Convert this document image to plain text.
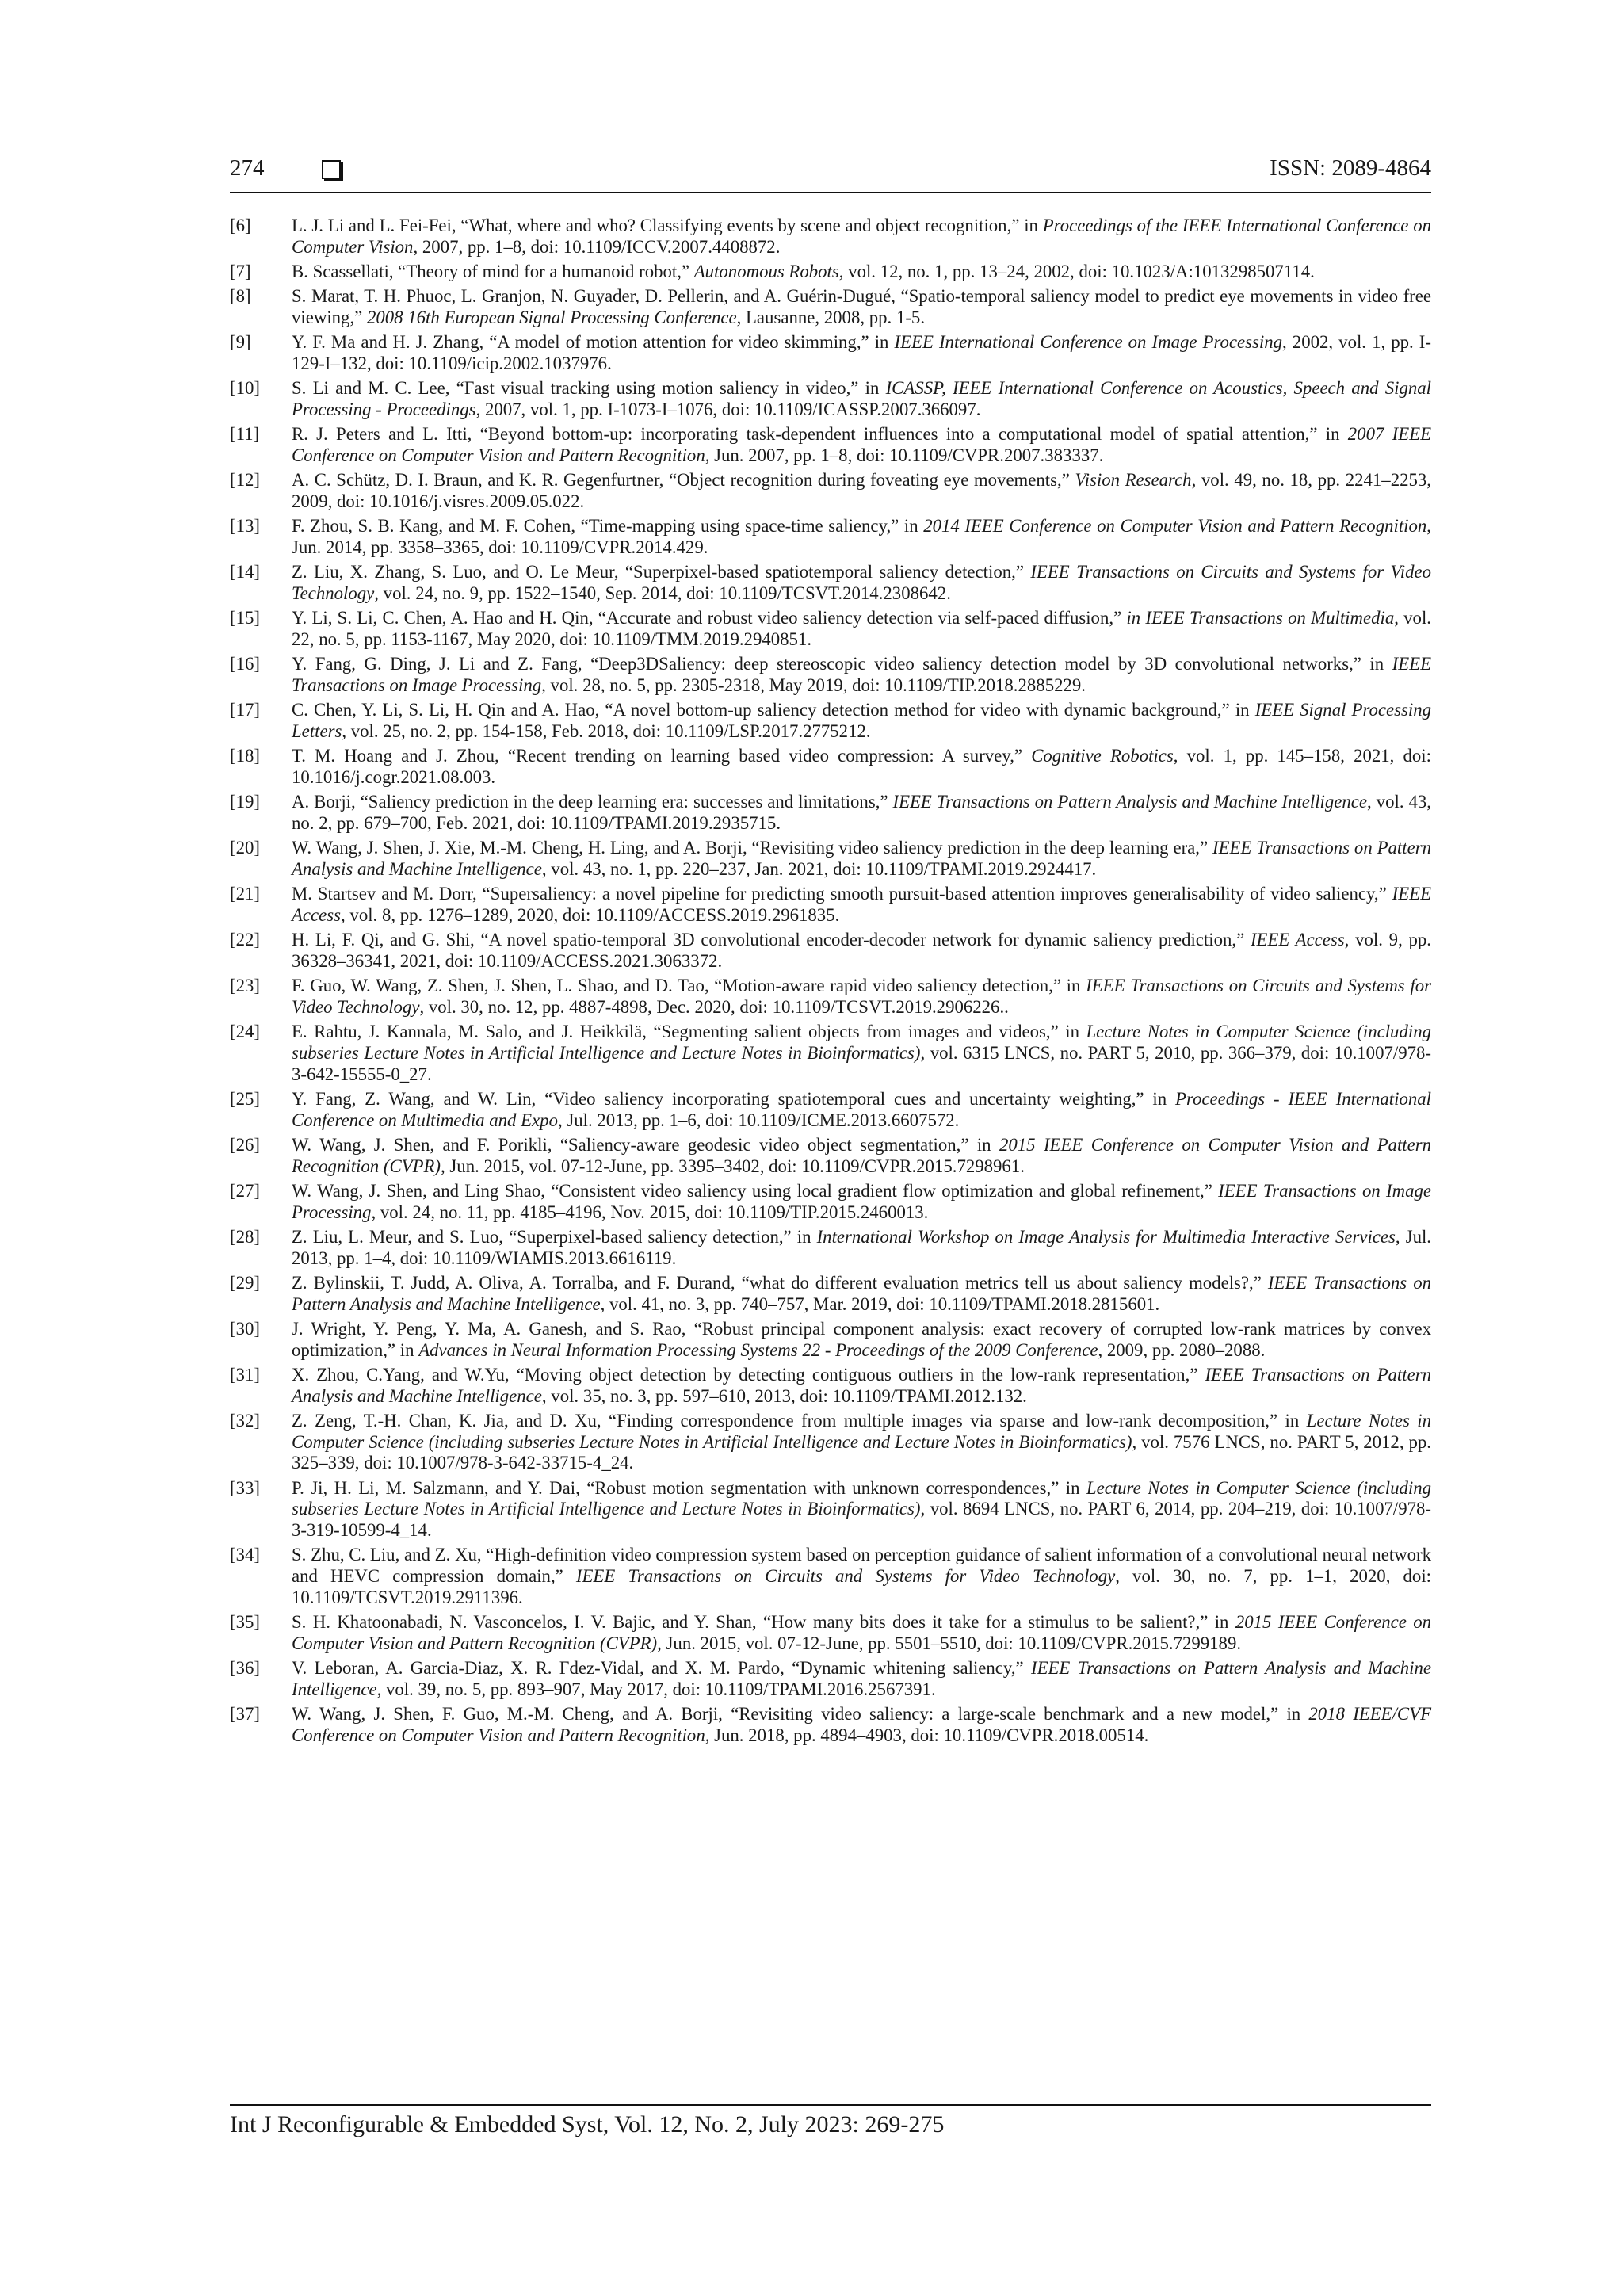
274	ISSN: 2089-4864
[6] L. J. Li and L. Fei-Fei, “What, where and who? Classifying events by scene and object recognition,” in Proceedings of the IEEE International Conference on Computer Vision, 2007, pp. 1–8, doi: 10.1109/ICCV.2007.4408872.
[7] B. Scassellati, “Theory of mind for a humanoid robot,” Autonomous Robots, vol. 12, no. 1, pp. 13–24, 2002, doi: 10.1023/A:1013298507114.
[8] S. Marat, T. H. Phuoc, L. Granjon, N. Guyader, D. Pellerin, and A. Guérin-Dugué, “Spatio-temporal saliency model to predict eye movements in video free viewing,” 2008 16th European Signal Processing Conference, Lausanne, 2008, pp. 1-5.
[9] Y. F. Ma and H. J. Zhang, “A model of motion attention for video skimming,” in IEEE International Conference on Image Processing, 2002, vol. 1, pp. I-129-I–132, doi: 10.1109/icip.2002.1037976.
[10] S. Li and M. C. Lee, “Fast visual tracking using motion saliency in video,” in ICASSP, IEEE International Conference on Acoustics, Speech and Signal Processing - Proceedings, 2007, vol. 1, pp. I-1073-I–1076, doi: 10.1109/ICASSP.2007.366097.
[11] R. J. Peters and L. Itti, “Beyond bottom-up: incorporating task-dependent influences into a computational model of spatial attention,” in 2007 IEEE Conference on Computer Vision and Pattern Recognition, Jun. 2007, pp. 1–8, doi: 10.1109/CVPR.2007.383337.
[12] A. C. Schütz, D. I. Braun, and K. R. Gegenfurtner, “Object recognition during foveating eye movements,” Vision Research, vol. 49, no. 18, pp. 2241–2253, 2009, doi: 10.1016/j.visres.2009.05.022.
[13] F. Zhou, S. B. Kang, and M. F. Cohen, “Time-mapping using space-time saliency,” in 2014 IEEE Conference on Computer Vision and Pattern Recognition, Jun. 2014, pp. 3358–3365, doi: 10.1109/CVPR.2014.429.
[14] Z. Liu, X. Zhang, S. Luo, and O. Le Meur, “Superpixel-based spatiotemporal saliency detection,” IEEE Transactions on Circuits and Systems for Video Technology, vol. 24, no. 9, pp. 1522–1540, Sep. 2014, doi: 10.1109/TCSVT.2014.2308642.
[15] Y. Li, S. Li, C. Chen, A. Hao and H. Qin, “Accurate and robust video saliency detection via self-paced diffusion,” in IEEE Transactions on Multimedia, vol. 22, no. 5, pp. 1153-1167, May 2020, doi: 10.1109/TMM.2019.2940851.
[16] Y. Fang, G. Ding, J. Li and Z. Fang, “Deep3DSaliency: deep stereoscopic video saliency detection model by 3D convolutional networks,” in IEEE Transactions on Image Processing, vol. 28, no. 5, pp. 2305-2318, May 2019, doi: 10.1109/TIP.2018.2885229.
[17] C. Chen, Y. Li, S. Li, H. Qin and A. Hao, “A novel bottom-up saliency detection method for video with dynamic background,” in IEEE Signal Processing Letters, vol. 25, no. 2, pp. 154-158, Feb. 2018, doi: 10.1109/LSP.2017.2775212.
[18] T. M. Hoang and J. Zhou, “Recent trending on learning based video compression: A survey,” Cognitive Robotics, vol. 1, pp. 145–158, 2021, doi: 10.1016/j.cogr.2021.08.003.
[19] A. Borji, “Saliency prediction in the deep learning era: successes and limitations,” IEEE Transactions on Pattern Analysis and Machine Intelligence, vol. 43, no. 2, pp. 679–700, Feb. 2021, doi: 10.1109/TPAMI.2019.2935715.
[20] W. Wang, J. Shen, J. Xie, M.-M. Cheng, H. Ling, and A. Borji, “Revisiting video saliency prediction in the deep learning era,” IEEE Transactions on Pattern Analysis and Machine Intelligence, vol. 43, no. 1, pp. 220–237, Jan. 2021, doi: 10.1109/TPAMI.2019.2924417.
[21] M. Startsev and M. Dorr, “Supersaliency: a novel pipeline for predicting smooth pursuit-based attention improves generalisability of video saliency,” IEEE Access, vol. 8, pp. 1276–1289, 2020, doi: 10.1109/ACCESS.2019.2961835.
[22] H. Li, F. Qi, and G. Shi, “A novel spatio-temporal 3D convolutional encoder-decoder network for dynamic saliency prediction,” IEEE Access, vol. 9, pp. 36328–36341, 2021, doi: 10.1109/ACCESS.2021.3063372.
[23] F. Guo, W. Wang, Z. Shen, J. Shen, L. Shao, and D. Tao, “Motion-aware rapid video saliency detection,” in IEEE Transactions on Circuits and Systems for Video Technology, vol. 30, no. 12, pp. 4887-4898, Dec. 2020, doi: 10.1109/TCSVT.2019.2906226..
[24] E. Rahtu, J. Kannala, M. Salo, and J. Heikkilä, “Segmenting salient objects from images and videos,” in Lecture Notes in Computer Science (including subseries Lecture Notes in Artificial Intelligence and Lecture Notes in Bioinformatics), vol. 6315 LNCS, no. PART 5, 2010, pp. 366–379, doi: 10.1007/978-3-642-15555-0_27.
[25] Y. Fang, Z. Wang, and W. Lin, “Video saliency incorporating spatiotemporal cues and uncertainty weighting,” in Proceedings - IEEE International Conference on Multimedia and Expo, Jul. 2013, pp. 1–6, doi: 10.1109/ICME.2013.6607572.
[26] W. Wang, J. Shen, and F. Porikli, “Saliency-aware geodesic video object segmentation,” in 2015 IEEE Conference on Computer Vision and Pattern Recognition (CVPR), Jun. 2015, vol. 07-12-June, pp. 3395–3402, doi: 10.1109/CVPR.2015.7298961.
[27] W. Wang, J. Shen, and Ling Shao, “Consistent video saliency using local gradient flow optimization and global refinement,” IEEE Transactions on Image Processing, vol. 24, no. 11, pp. 4185–4196, Nov. 2015, doi: 10.1109/TIP.2015.2460013.
[28] Z. Liu, L. Meur, and S. Luo, “Superpixel-based saliency detection,” in International Workshop on Image Analysis for Multimedia Interactive Services, Jul. 2013, pp. 1–4, doi: 10.1109/WIAMIS.2013.6616119.
[29] Z. Bylinskii, T. Judd, A. Oliva, A. Torralba, and F. Durand, “what do different evaluation metrics tell us about saliency models?,” IEEE Transactions on Pattern Analysis and Machine Intelligence, vol. 41, no. 3, pp. 740–757, Mar. 2019, doi: 10.1109/TPAMI.2018.2815601.
[30] J. Wright, Y. Peng, Y. Ma, A. Ganesh, and S. Rao, “Robust principal component analysis: exact recovery of corrupted low-rank matrices by convex optimization,” in Advances in Neural Information Processing Systems 22 - Proceedings of the 2009 Conference, 2009, pp. 2080–2088.
[31] X. Zhou, C.Yang, and W.Yu, “Moving object detection by detecting contiguous outliers in the low-rank representation,” IEEE Transactions on Pattern Analysis and Machine Intelligence, vol. 35, no. 3, pp. 597–610, 2013, doi: 10.1109/TPAMI.2012.132.
[32] Z. Zeng, T.-H. Chan, K. Jia, and D. Xu, “Finding correspondence from multiple images via sparse and low-rank decomposition,” in Lecture Notes in Computer Science (including subseries Lecture Notes in Artificial Intelligence and Lecture Notes in Bioinformatics), vol. 7576 LNCS, no. PART 5, 2012, pp. 325–339, doi: 10.1007/978-3-642-33715-4_24.
[33] P. Ji, H. Li, M. Salzmann, and Y. Dai, “Robust motion segmentation with unknown correspondences,” in Lecture Notes in Computer Science (including subseries Lecture Notes in Artificial Intelligence and Lecture Notes in Bioinformatics), vol. 8694 LNCS, no. PART 6, 2014, pp. 204–219, doi: 10.1007/978-3-319-10599-4_14.
[34] S. Zhu, C. Liu, and Z. Xu, “High-definition video compression system based on perception guidance of salient information of a convolutional neural network and HEVC compression domain,” IEEE Transactions on Circuits and Systems for Video Technology, vol. 30, no. 7, pp. 1–1, 2020, doi: 10.1109/TCSVT.2019.2911396.
[35] S. H. Khatoonabadi, N. Vasconcelos, I. V. Bajic, and Y. Shan, “How many bits does it take for a stimulus to be salient?,” in 2015 IEEE Conference on Computer Vision and Pattern Recognition (CVPR), Jun. 2015, vol. 07-12-June, pp. 5501–5510, doi: 10.1109/CVPR.2015.7299189.
[36] V. Leboran, A. Garcia-Diaz, X. R. Fdez-Vidal, and X. M. Pardo, “Dynamic whitening saliency,” IEEE Transactions on Pattern Analysis and Machine Intelligence, vol. 39, no. 5, pp. 893–907, May 2017, doi: 10.1109/TPAMI.2016.2567391.
[37] W. Wang, J. Shen, F. Guo, M.-M. Cheng, and A. Borji, “Revisiting video saliency: a large-scale benchmark and a new model,” in 2018 IEEE/CVF Conference on Computer Vision and Pattern Recognition, Jun. 2018, pp. 4894–4903, doi: 10.1109/CVPR.2018.00514.
Int J Reconfigurable & Embedded Syst, Vol. 12, No. 2, July 2023: 269-275
